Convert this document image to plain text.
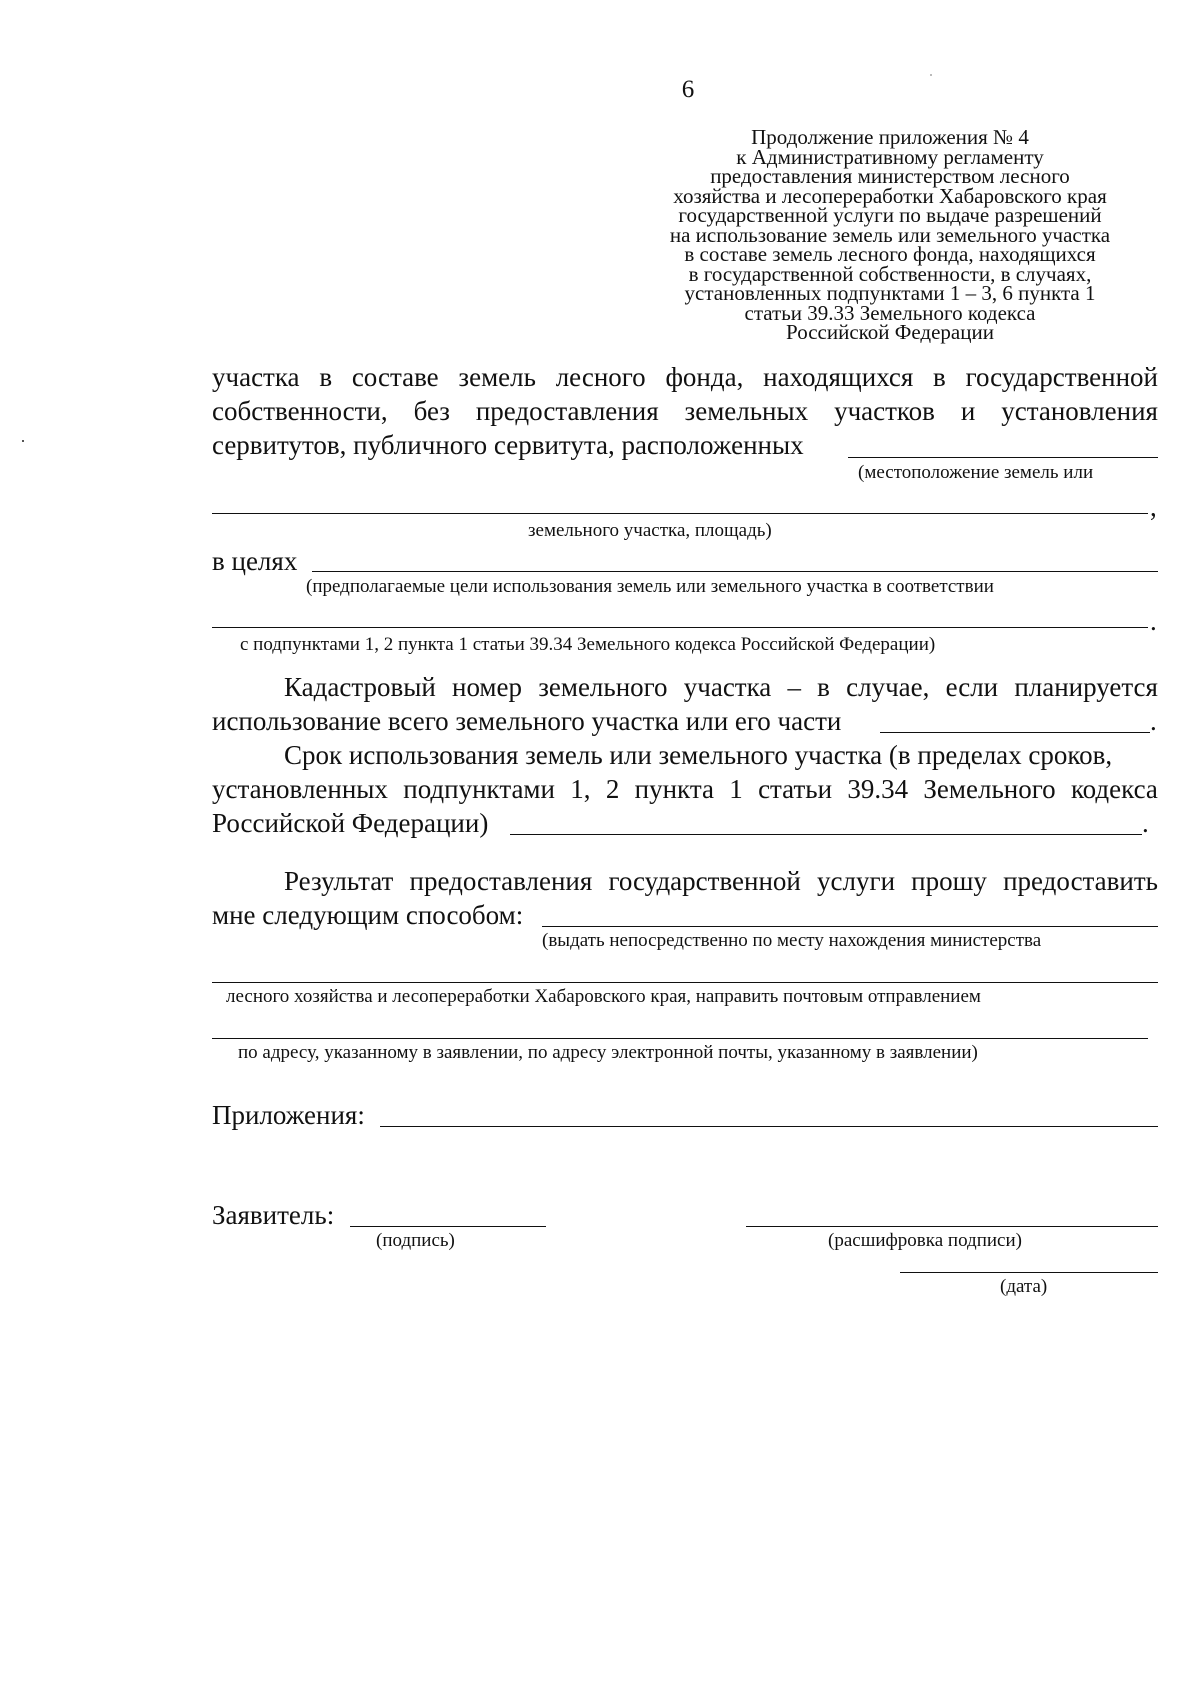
6
Продолжение приложения № 4
к Административному регламенту
предоставления министерством лесного
хозяйства и лесопереработки Хабаровского края
государственной услуги по выдаче разрешений
на использование земель или земельного участка
в составе земель лесного фонда, находящихся
в государственной собственности, в случаях,
установленных подпунктами 1 – 3, 6 пункта 1
статьи 39.33 Земельного кодекса
Российской Федерации
участка в составе земель лесного фонда, находящихся в государственной
собственности, без предоставления земельных участков и установления
сервитутов, публичного сервитута, расположенных
(местоположение земель или
,
земельного участка, площадь)
в целях
(предполагаемые цели использования земель или земельного участка в соответствии
.
с подпунктами 1, 2 пункта 1 статьи 39.34 Земельного кодекса Российской Федерации)
Кадастровый номер земельного участка – в случае, если планируется
использование всего земельного участка или его части	.
Срок использования земель или земельного участка (в пределах сроков,
установленных подпунктами 1, 2 пункта 1 статьи 39.34 Земельного кодекса
Российской Федерации)	.
Результат предоставления государственной услуги прошу предоставить
мне следующим способом:
(выдать непосредственно по месту нахождения министерства
лесного хозяйства и лесопереработки Хабаровского края, направить почтовым отправлением
по адресу, указанному в заявлении, по адресу электронной почты, указанному в заявлении)
Приложения:
Заявитель:
(подпись)	(расшифровка подписи)
(дата)
